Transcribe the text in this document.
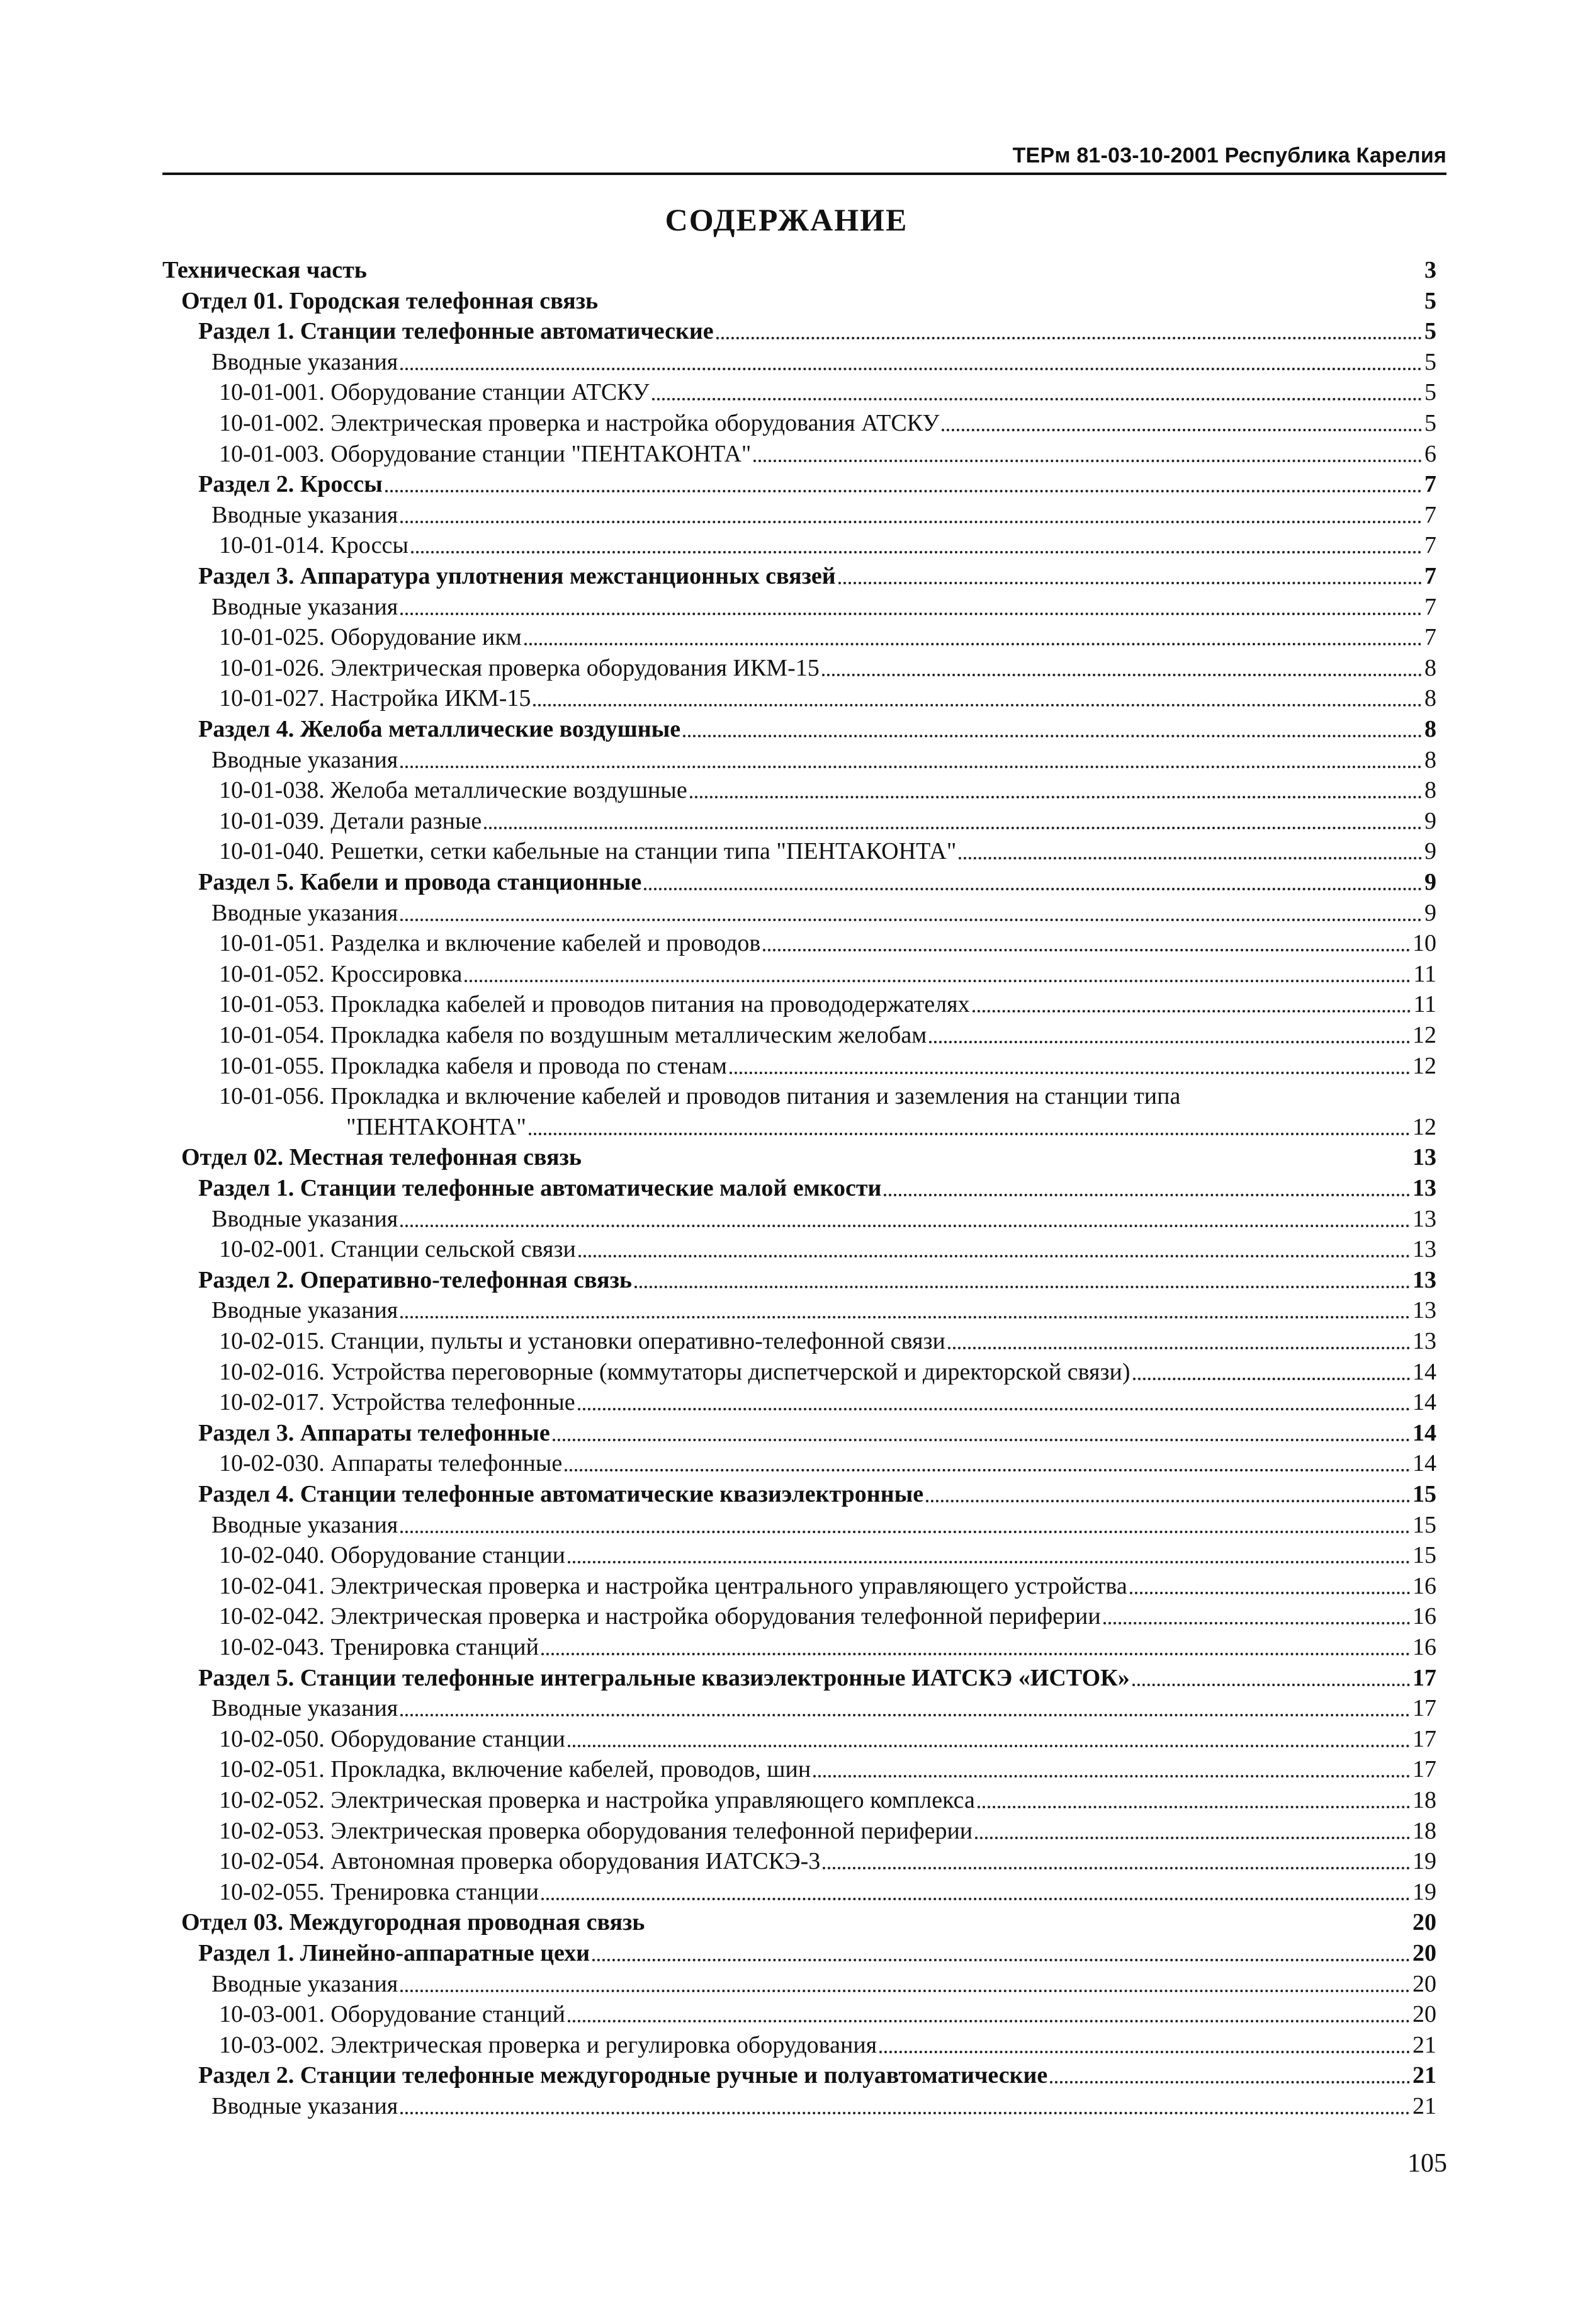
ТЕРм 81-03-10-2001 Республика Карелия
СОДЕРЖАНИЕ
Техническая часть	3
Отдел 01. Городская телефонная связь	5
Раздел 1. Станции телефонные автоматические	5
Вводные указания	5
10-01-001. Оборудование станции АТСКУ	5
10-01-002. Электрическая проверка и настройка оборудования АТСКУ	5
10-01-003. Оборудование станции "ПЕНТАКОНТА"	6
Раздел 2. Кроссы	7
Вводные указания	7
10-01-014. Кроссы	7
Раздел 3. Аппаратура уплотнения межстанционных связей	7
Вводные указания	7
10-01-025. Оборудование икм	7
10-01-026. Электрическая проверка оборудования ИКМ-15	8
10-01-027. Настройка ИКМ-15	8
Раздел 4. Желоба металлические воздушные	8
Вводные указания	8
10-01-038. Желоба металлические воздушные	8
10-01-039. Детали разные	9
10-01-040. Решетки, сетки кабельные на станции типа "ПЕНТАКОНТА"	9
Раздел 5. Кабели и провода станционные	9
Вводные указания	9
10-01-051. Разделка и включение кабелей и проводов	10
10-01-052. Кроссировка	11
10-01-053. Прокладка кабелей и проводов питания на провододержателях	11
10-01-054. Прокладка кабеля по воздушным металлическим желобам	12
10-01-055. Прокладка кабеля и провода по стенам	12
10-01-056. Прокладка и включение кабелей и проводов питания и заземления на станции типа
"ПЕНТАКОНТА"	12
Отдел 02. Местная телефонная связь	13
Раздел 1. Станции телефонные автоматические малой емкости	13
Вводные указания	13
10-02-001. Станции сельской связи	13
Раздел 2. Оперативно-телефонная связь	13
Вводные указания	13
10-02-015. Станции, пульты и установки оперативно-телефонной связи	13
10-02-016. Устройства переговорные (коммутаторы диспетчерской и директорской связи)	14
10-02-017. Устройства телефонные	14
Раздел 3. Аппараты телефонные	14
10-02-030. Аппараты телефонные	14
Раздел 4. Станции телефонные автоматические квазиэлектронные	15
Вводные указания	15
10-02-040. Оборудование станции	15
10-02-041. Электрическая проверка и настройка центрального управляющего устройства	16
10-02-042. Электрическая проверка и настройка оборудования телефонной периферии	16
10-02-043. Тренировка станций	16
Раздел 5. Станции телефонные интегральные квазиэлектронные ИАТСКЭ «ИСТОК»	17
Вводные указания	17
10-02-050. Оборудование станции	17
10-02-051. Прокладка, включение кабелей, проводов, шин	17
10-02-052. Электрическая проверка и настройка управляющего комплекса	18
10-02-053. Электрическая проверка оборудования телефонной периферии	18
10-02-054. Автономная проверка оборудования ИАТСКЭ-3	19
10-02-055. Тренировка станции	19
Отдел 03. Междугородная проводная связь	20
Раздел 1. Линейно-аппаратные цехи	20
Вводные указания	20
10-03-001. Оборудование станций	20
10-03-002. Электрическая проверка и регулировка оборудования	21
Раздел 2. Станции телефонные междугородные ручные и полуавтоматические	21
Вводные указания	21
105
